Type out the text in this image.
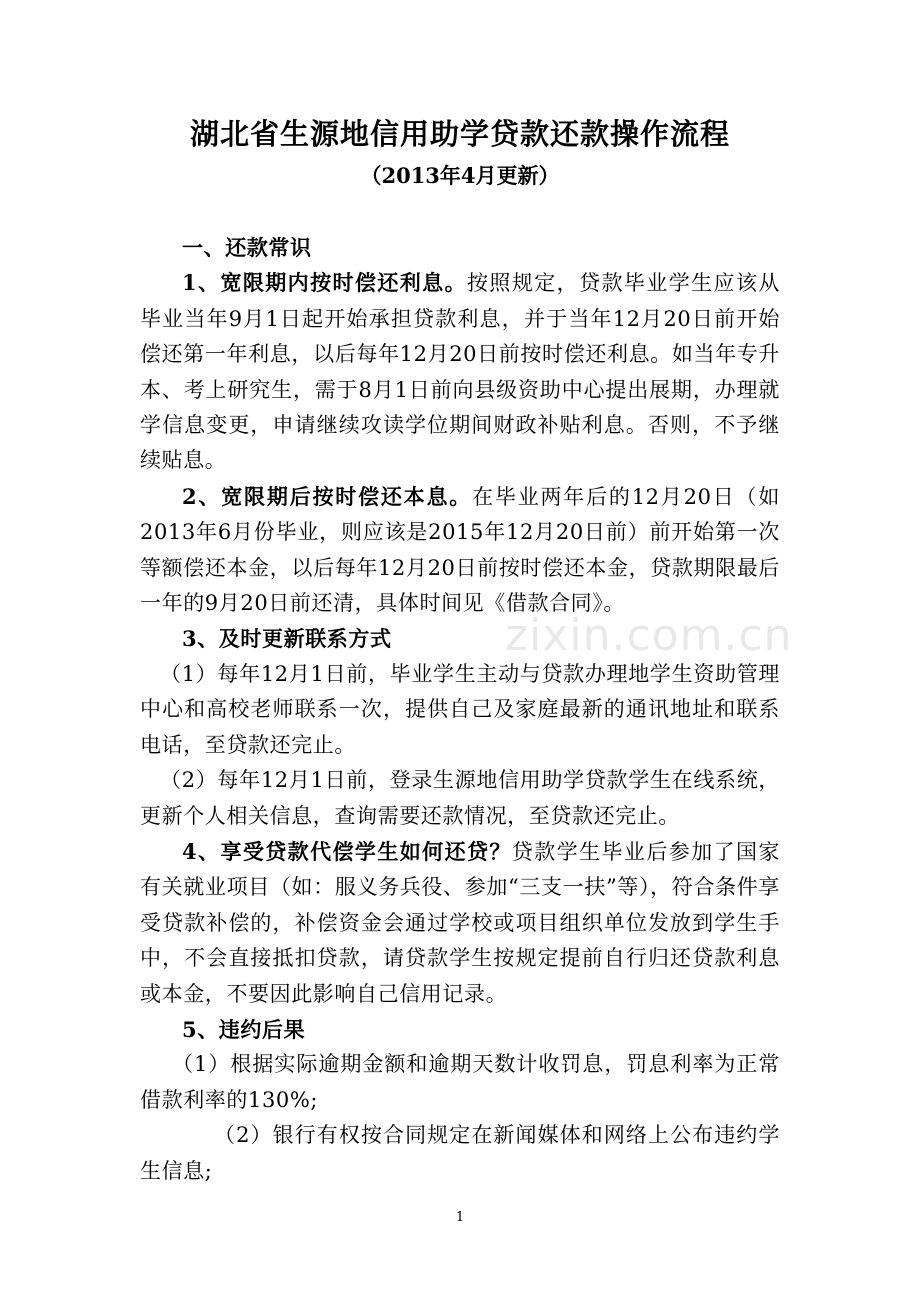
湖北省生源地信用助学贷款还款操作流程
（2013年4月更新）

一、还款常识

1、宽限期内按时偿还利息。按照规定，贷款毕业学生应该从毕业当年9月1日起开始承担贷款利息，并于当年12月20日前开始偿还第一年利息，以后每年12月20日前按时偿还利息。如当年专升本、考上研究生，需于8月1日前向县级资助中心提出展期，办理就学信息变更，申请继续攻读学位期间财政补贴利息。否则，不予继续贴息。

2、宽限期后按时偿还本息。在毕业两年后的12月20日（如2013年6月份毕业，则应该是2015年12月20日前）前开始第一次等额偿还本金，以后每年12月20日前按时偿还本金，贷款期限最后一年的9月20日前还清，具体时间见《借款合同》。

3、及时更新联系方式

（1）每年12月1日前，毕业学生主动与贷款办理地学生资助管理中心和高校老师联系一次，提供自己及家庭最新的通讯地址和联系电话，至贷款还完止。

（2）每年12月1日前，登录生源地信用助学贷款学生在线系统，更新个人相关信息，查询需要还款情况，至贷款还完止。

4、享受贷款代偿学生如何还贷？贷款学生毕业后参加了国家有关就业项目（如：服义务兵役、参加“三支一扶”等），符合条件享受贷款补偿的，补偿资金会通过学校或项目组织单位发放到学生手中，不会直接抵扣贷款，请贷款学生按规定提前自行归还贷款利息或本金，不要因此影响自己信用记录。

5、违约后果

（1）根据实际逾期金额和逾期天数计收罚息，罚息利率为正常借款利率的130%;

（2）银行有权按合同规定在新闻媒体和网络上公布违约学生信息;

zixin.com.cn
1
